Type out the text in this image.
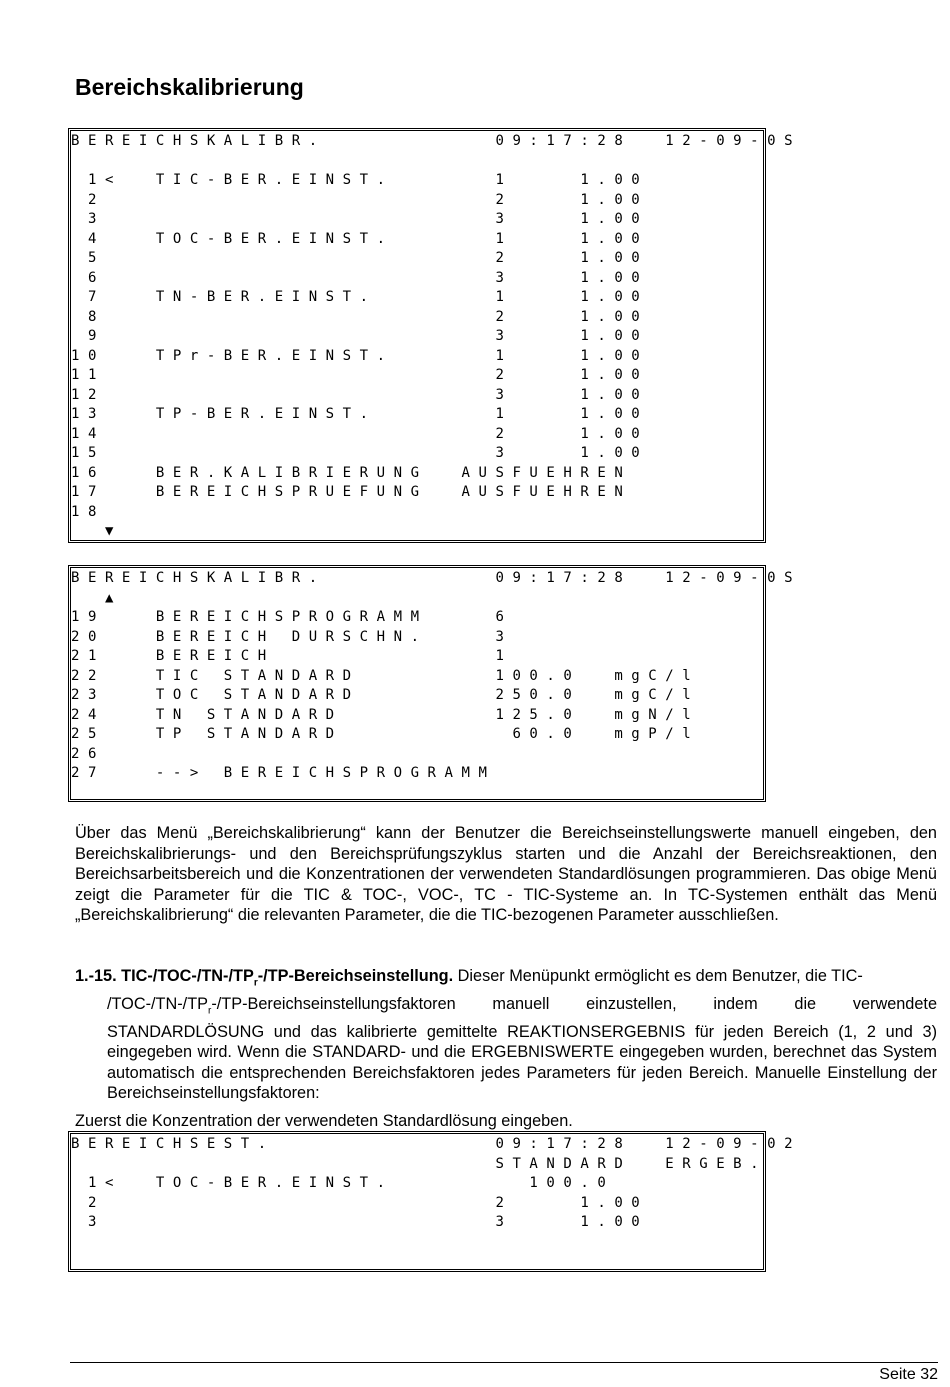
Bereichskalibrierung
BEREICHSKALIBR.          09:17:28  12-09-0S
1<  TIC-BER.EINST.      1    1.00
2                       2    1.00
3                       3    1.00
4   TOC-BER.EINST.      1    1.00
5                       2    1.00
6                       3    1.00
7   TN-BER.EINST.       1    1.00
8                       2    1.00
9                       3    1.00
10   TPr-BER.EINST.      1    1.00
11                       2    1.00
12                       3    1.00
13   TP-BER.EINST.       1    1.00
14                       2    1.00
15                       3    1.00
16   BER.KALIBRIERUNG  AUSFUEHREN
17   BEREICHSPRUEFUNG  AUSFUEHREN
18
▼
BEREICHSKALIBR.          09:17:28  12-09-0S
▲
19   BEREICHSPROGRAMM    6
20   BEREICH DURSCHN.    3
21   BEREICH             1
22   TIC STANDARD        100.0  mgC/l
23   TOC STANDARD        250.0  mgC/l
24   TN STANDARD         125.0  mgN/l
25   TP STANDARD          60.0  mgP/l
26
27   --> BEREICHSPROGRAMM

Über das Menü „Bereichskalibrierung“ kann der Benutzer die Bereichseinstellungswerte manuell eingeben, den Bereichskalibrierungs- und den Bereichsprüfungszyklus starten und die Anzahl der Bereichsreaktionen, den Bereichsarbeitsbereich und die Konzentrationen der verwendeten Standardlösungen programmieren. Das obige Menü zeigt die Parameter für die TIC & TOC-, VOC-, TC - TIC-Systeme an. In TC-Systemen enthält das Menü „Bereichskalibrierung“ die relevanten Parameter, die die TIC-bezogenen Parameter ausschließen.

1.-15. TIC-$/TOC-/TN-/TP_r-/TP$-Bereichseinstellung. Dieser Menüpunkt ermöglicht es dem Benutzer, die TIC-
$/TOC-/TN-/TP_r-/TP$-Bereichseinstellungsfaktoren manuell einzustellen, indem die verwendete STANDARDLÖSUNG und das kalibrierte gemittelte REAKTIONSERGEBNIS für jeden Bereich (1, 2 und 3) eingegeben wird. Wenn die STANDARD- und die ERGEBNISWERTE eingegeben wurden, berechnet das System automatisch die entsprechenden Bereichsfaktoren jedes Parameters für jeden Bereich. Manuelle Einstellung der Bereichseinstellungsfaktoren:

Zuerst die Konzentration der verwendeten Standardlösung eingeben.

BEREICHSEST.             09:17:28  12-09-02
STANDARD  ERGEB.
1<  TOC-BER.EINST.        100.0
2                       2    1.00
3                       3    1.00
Seite 32
